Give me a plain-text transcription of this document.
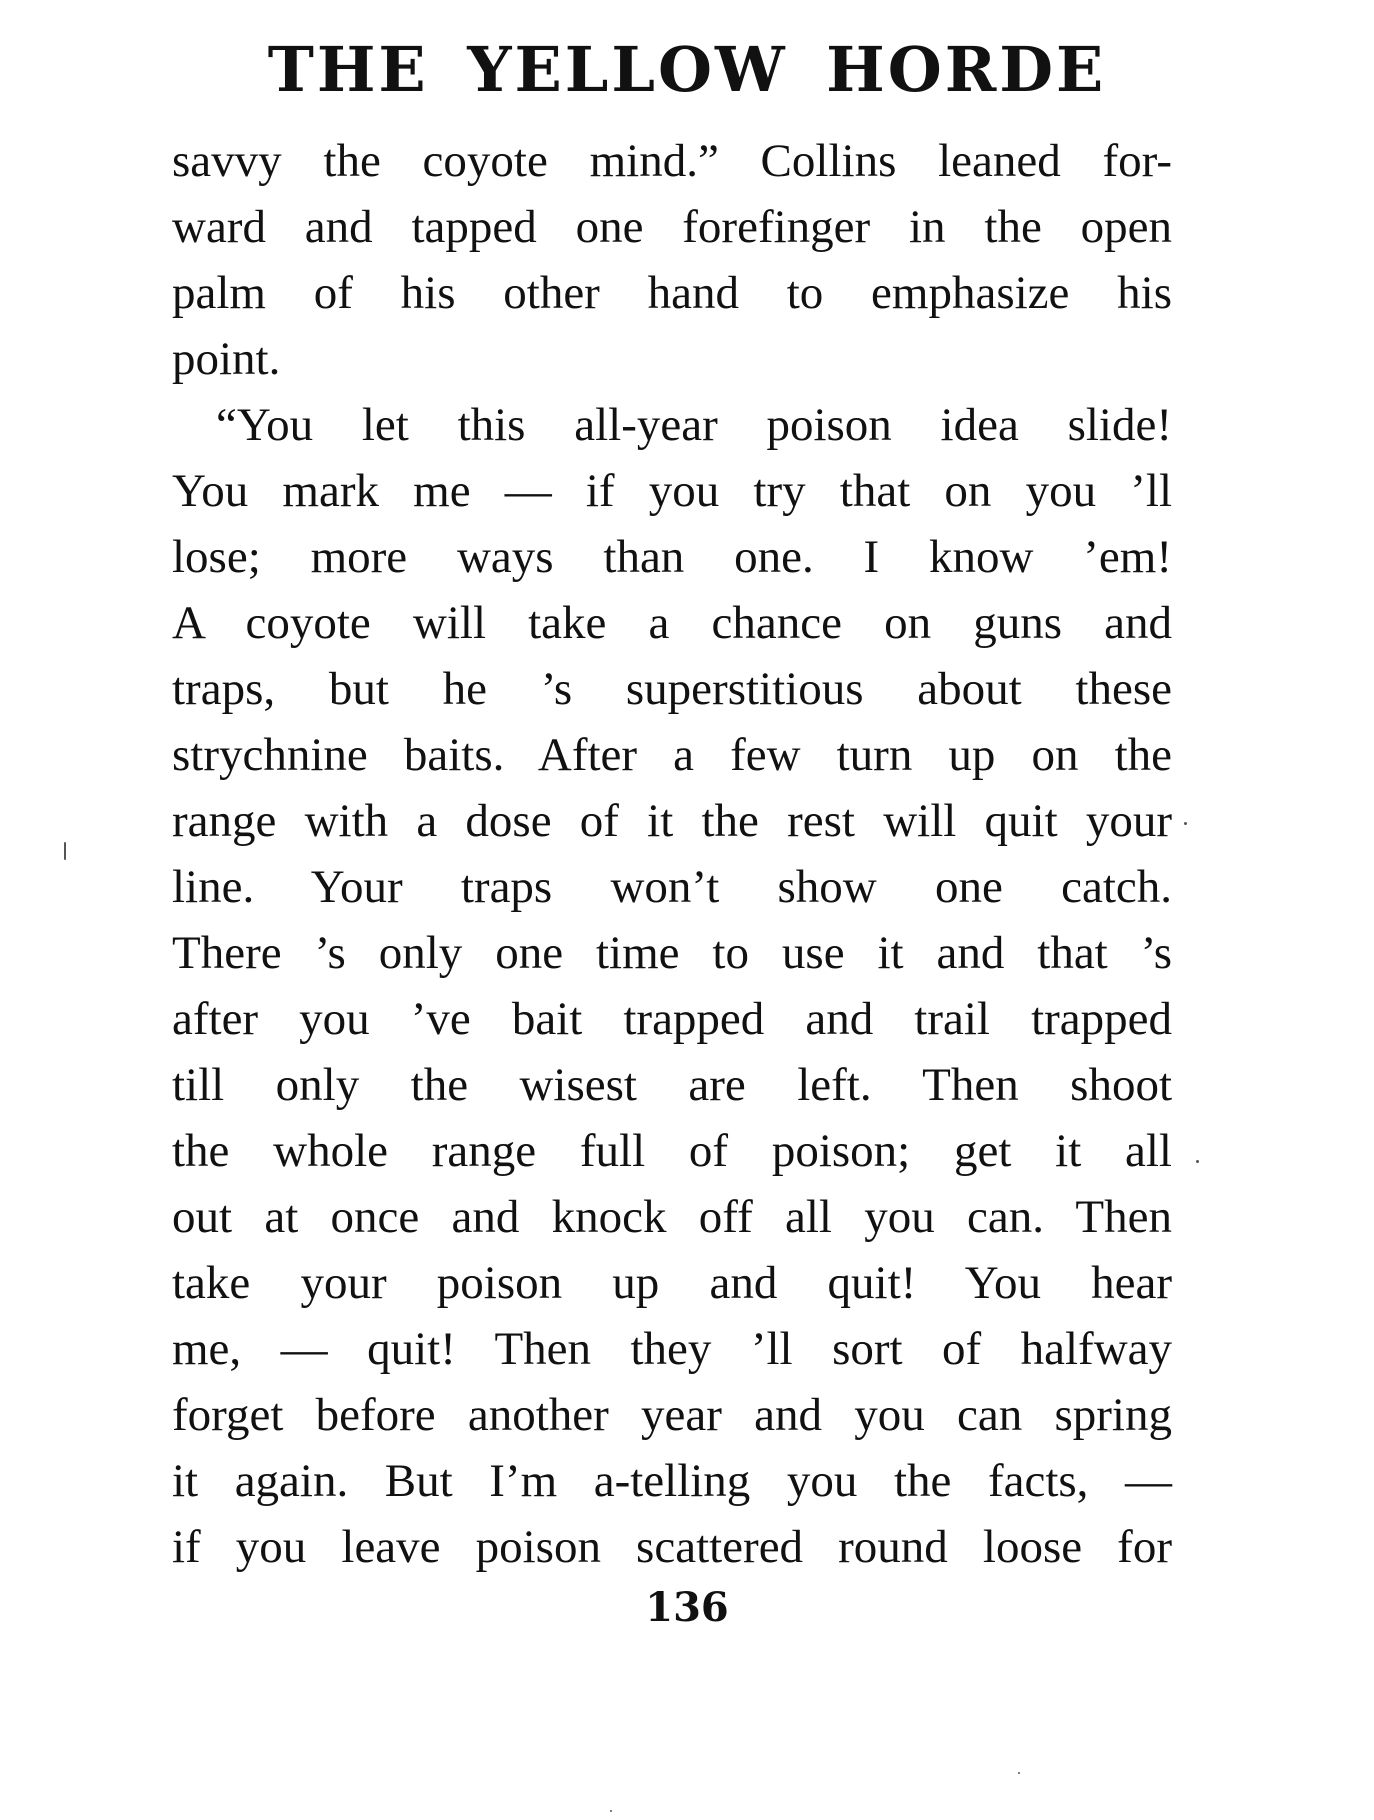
THE YELLOW HORDE
savvy the coyote mind.” Collins leaned for-
ward and tapped one forefinger in the open
palm of his other hand to emphasize his
point.
“You let this all-year poison idea slide!
You mark me — if you try that on you ’ll
lose; more ways than one. I know ’em!
A coyote will take a chance on guns and
traps, but he ’s superstitious about these
strychnine baits. After a few turn up on the
range with a dose of it the rest will quit your
line. Your traps won’t show one catch.
There ’s only one time to use it and that ’s
after you ’ve bait trapped and trail trapped
till only the wisest are left. Then shoot
the whole range full of poison; get it all
out at once and knock off all you can. Then
take your poison up and quit! You hear
me, — quit! Then they ’ll sort of halfway
forget before another year and you can spring
it again. But I’m a-telling you the facts, —
if you leave poison scattered round loose for
136
